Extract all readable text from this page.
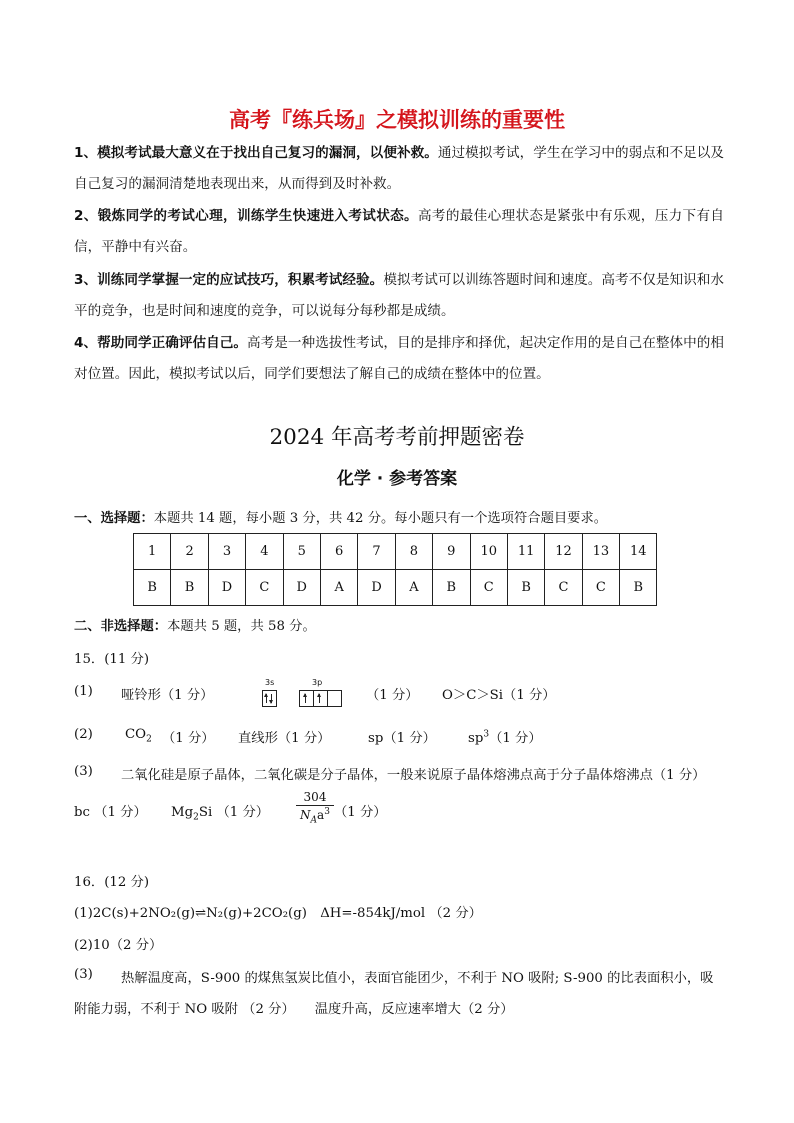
高考『练兵场』之模拟训练的重要性
1、模拟考试最大意义在于找出自己复习的漏洞，以便补救。通过模拟考试，学生在学习中的弱点和不足以及自己复习的漏洞清楚地表现出来，从而得到及时补救。
2、锻炼同学的考试心理，训练学生快速进入考试状态。高考的最佳心理状态是紧张中有乐观，压力下有自信，平静中有兴奋。
3、训练同学掌握一定的应试技巧，积累考试经验。模拟考试可以训练答题时间和速度。高考不仅是知识和水平的竞争，也是时间和速度的竞争，可以说每分每秒都是成绩。
4、帮助同学正确评估自己。高考是一种选拔性考试，目的是排序和择优，起决定作用的是自己在整体中的相对位置。因此，模拟考试以后，同学们要想法了解自己的成绩在整体中的位置。
2024 年高考考前押题密卷
化学 · 参考答案
一、选择题：本题共 14 题，每小题 3 分，共 42 分。每小题只有一个选项符合题目要求。
1	2	3	4	5	6	7	8	9	10	11	12	13	14
B	B	D	C	D	A	D	A	B	C	B	C	C	B
二、非选择题：本题共 5 题，共 58 分。
15．(11 分)
(1) 哑铃形（1 分）
3s	3p
（1 分） O＞C＞Si（1 分）
(2) $CO_2$ （1 分） 直线形（1 分）	sp（1 分） $sp^3(1$ 分）
(3) 二氧化硅是原子晶体，二氧化碳是分子晶体，一般来说原子晶体熔沸点高于分子晶体熔沸点（1 分）
bc （1 分） $Mg_2Si$ （1 分）
304
$N_Aa^3$ （1 分）
16．(12 分)
(1)2C(s)+2NO₂(g)⇌N₂(g)+2CO₂(g)　ΔH=-854kJ/mol （2 分）
(2)10（2 分）
(3) 热解温度高，S-900 的煤焦氢炭比值小，表面官能团少，不利于 NO 吸附; S-900 的比表面积小，吸
附能力弱，不利于 NO 吸附 （2 分）　　温度升高，反应速率增大（2 分）
